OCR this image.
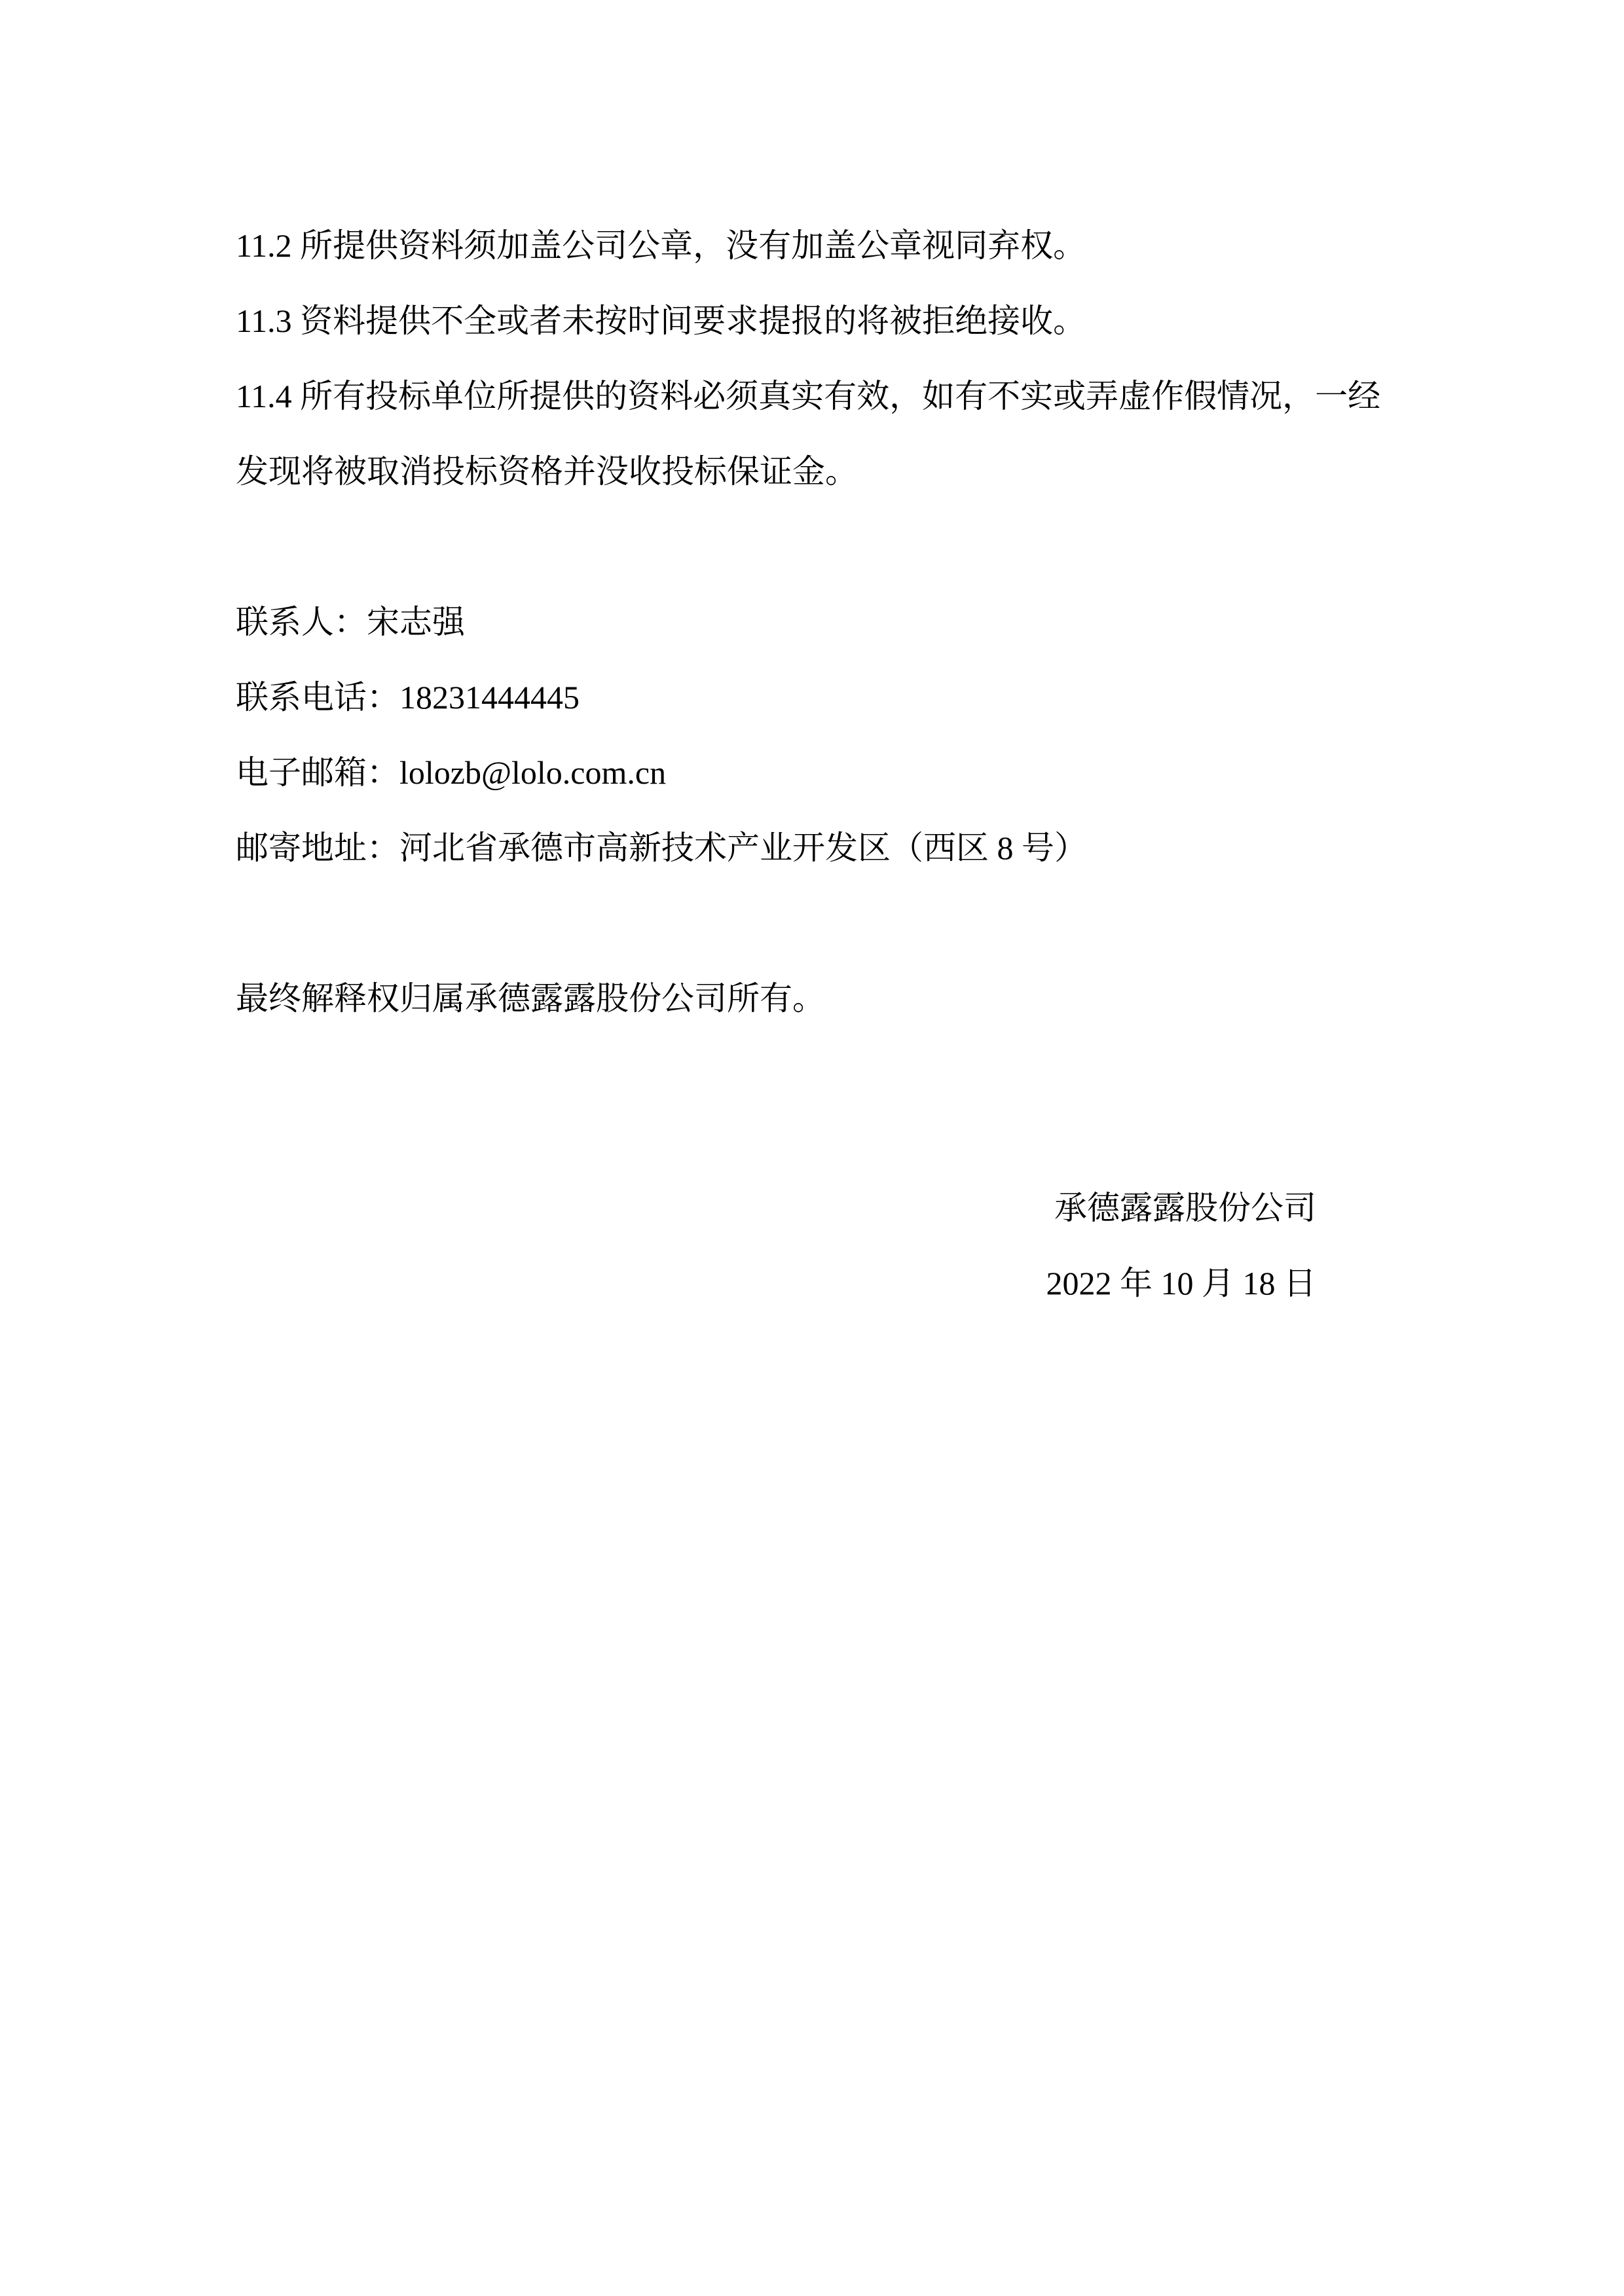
11.2 所提供资料须加盖公司公章，没有加盖公章视同弃权。

11.3 资料提供不全或者未按时间要求提报的将被拒绝接收。

11.4 所有投标单位所提供的资料必须真实有效，如有不实或弄虚作假情况，一经
发现将被取消投标资格并没收投标保证金。

联系人：宋志强

联系电话：18231444445

电子邮箱：lolozb@lolo.com.cn

邮寄地址：河北省承德市高新技术产业开发区（西区 8 号）

最终解释权归属承德露露股份公司所有。

承德露露股份公司

2022 年 10 月 18 日
